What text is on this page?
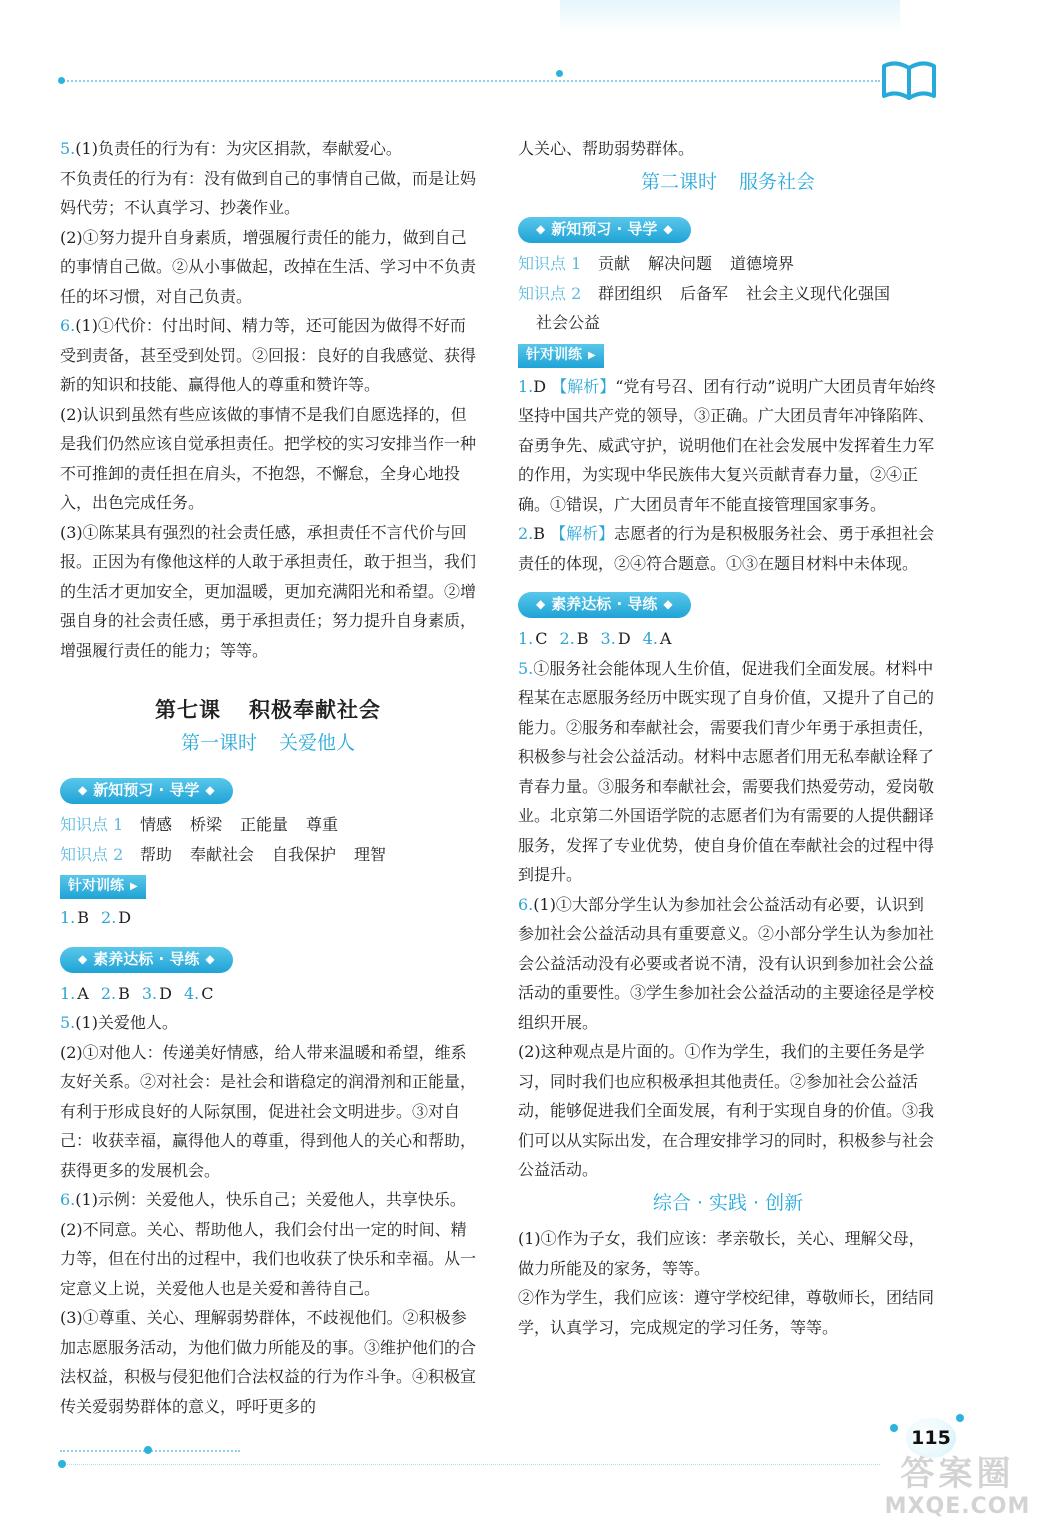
5.(1)负责任的行为有：为灾区捐款，奉献爱心。

不负责任的行为有：没有做到自己的事情自己做，而是让妈妈代劳；不认真学习、抄袭作业。

(2)①努力提升自身素质，增强履行责任的能力，做到自己的事情自己做。②从小事做起，改掉在生活、学习中不负责任的坏习惯，对自己负责。

6.(1)①代价：付出时间、精力等，还可能因为做得不好而受到责备，甚至受到处罚。②回报：良好的自我感觉、获得新的知识和技能、赢得他人的尊重和赞许等。

(2)认识到虽然有些应该做的事情不是我们自愿选择的，但是我们仍然应该自觉承担责任。把学校的实习安排当作一种不可推卸的责任担在肩头，不抱怨，不懈怠，全身心地投入，出色完成任务。

(3)①陈某具有强烈的社会责任感，承担责任不言代价与回报。正因为有像他这样的人敢于承担责任，敢于担当，我们的生活才更加安全，更加温暖，更加充满阳光和希望。②增强自身的社会责任感，勇于承担责任；努力提升自身素质，增强履行责任的能力；等等。

第七课 积极奉献社会
第一课时 关爱他人
◆ 新知预习 · 导学 ◆

知识点 1 情感 桥梁 正能量 尊重

知识点 2 帮助 奉献社会 自我保护 理智

针对训练 ▶

1. B 2. D

◆ 素养达标 · 导练 ◆

1. A 2. B 3. D 4. C

5.(1)关爱他人。

(2)①对他人：传递美好情感，给人带来温暖和希望，维系友好关系。②对社会：是社会和谐稳定的润滑剂和正能量，有利于形成良好的人际氛围，促进社会文明进步。③对自己：收获幸福，赢得他人的尊重，得到他人的关心和帮助，获得更多的发展机会。

6.(1)示例：关爱他人，快乐自己；关爱他人，共享快乐。

(2)不同意。关心、帮助他人，我们会付出一定的时间、精力等，但在付出的过程中，我们也收获了快乐和幸福。从一定意义上说，关爱他人也是关爱和善待自己。

(3)①尊重、关心、理解弱势群体，不歧视他们。②积极参加志愿服务活动，为他们做力所能及的事。③维护他们的合法权益，积极与侵犯他们合法权益的行为作斗争。④积极宣传关爱弱势群体的意义，呼吁更多的

人关心、帮助弱势群体。

第二课时 服务社会
◆ 新知预习 · 导学 ◆

知识点 1 贡献 解决问题 道德境界

知识点 2 群团组织 后备军 社会主义现代化强国

社会公益

针对训练 ▶

1.D 【解析】“党有号召、团有行动”说明广大团员青年始终坚持中国共产党的领导，③正确。广大团员青年冲锋陷阵、奋勇争先、威武守护，说明他们在社会发展中发挥着生力军的作用，为实现中华民族伟大复兴贡献青春力量，②④正确。①错误，广大团员青年不能直接管理国家事务。

2.B 【解析】志愿者的行为是积极服务社会、勇于承担社会责任的体现，②④符合题意。①③在题目材料中未体现。

◆ 素养达标 · 导练 ◆

1. C 2. B 3. D 4. A

5.①服务社会能体现人生价值，促进我们全面发展。材料中程某在志愿服务经历中既实现了自身价值，又提升了自己的能力。②服务和奉献社会，需要我们青少年勇于承担责任，积极参与社会公益活动。材料中志愿者们用无私奉献诠释了青春力量。③服务和奉献社会，需要我们热爱劳动，爱岗敬业。北京第二外国语学院的志愿者们为有需要的人提供翻译服务，发挥了专业优势，使自身价值在奉献社会的过程中得到提升。

6.(1)①大部分学生认为参加社会公益活动有必要，认识到参加社会公益活动具有重要意义。②小部分学生认为参加社会公益活动没有必要或者说不清，没有认识到参加社会公益活动的重要性。③学生参加社会公益活动的主要途径是学校组织开展。

(2)这种观点是片面的。①作为学生，我们的主要任务是学习，同时我们也应积极承担其他责任。②参加社会公益活动，能够促进我们全面发展，有利于实现自身的价值。③我们可以从实际出发，在合理安排学习的同时，积极参与社会公益活动。

综合 · 实践 · 创新

(1)①作为子女，我们应该：孝亲敬长，关心、理解父母，做力所能及的家务，等等。

②作为学生，我们应该：遵守学校纪律，尊敬师长，团结同学，认真学习，完成规定的学习任务，等等。

115
答案圈
MXQE.COM
